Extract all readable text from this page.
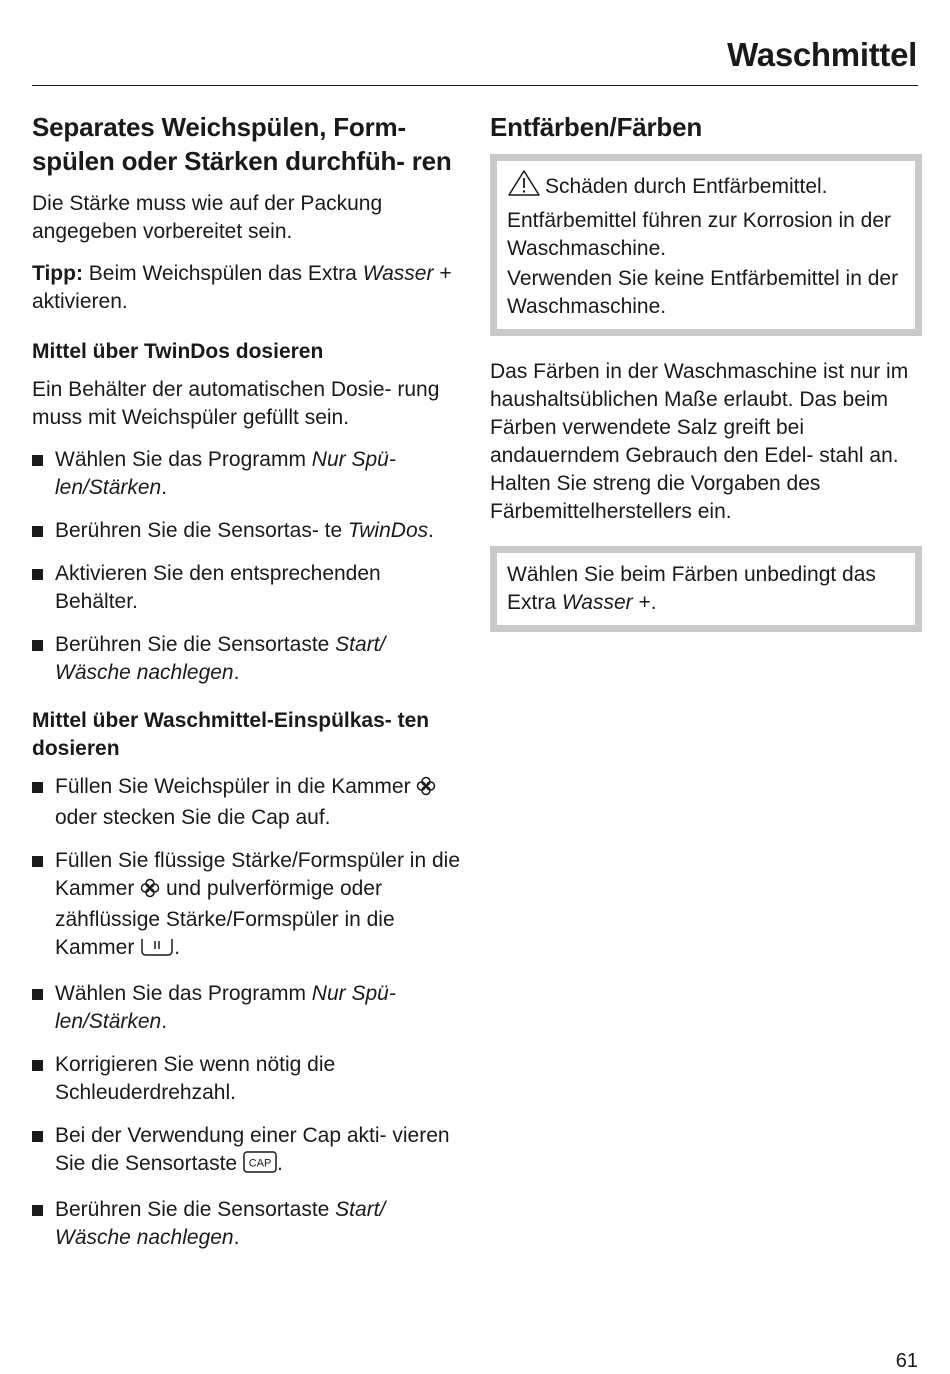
Waschmittel
Separates Weichspülen, Form- spülen oder Stärken durchfüh- ren

Die Stärke muss wie auf der Packung angegeben vorbereitet sein.

Tipp: Beim Weichspülen das Extra Wasser + aktivieren.

Mittel über TwinDos dosieren

Ein Behälter der automatischen Dosie- rung muss mit Weichspüler gefüllt sein.

Wählen Sie das Programm Nur Spü- len/Stärken.
Berühren Sie die Sensortas- te TwinDos.
Aktivieren Sie den entsprechenden Behälter.
Berühren Sie die Sensortaste Start/ Wäsche nachlegen.
Mittel über Waschmittel-Einspülkas- ten dosieren
Füllen Sie Weichspüler in die Kammer  oder stecken Sie die Cap auf.
Füllen Sie flüssige Stärke/Formspüler in die Kammer  und pulverförmige oder zähflüssige Stärke/Formspüler in die Kammer .
Wählen Sie das Programm Nur Spü- len/Stärken.
Korrigieren Sie wenn nötig die Schleuderdrehzahl.
Bei der Verwendung einer Cap akti- vieren Sie die Sensortaste CAP .
Berühren Sie die Sensortaste Start/ Wäsche nachlegen.
Entfärben/Färben

Schäden durch Entfärbemittel.

Entfärbemittel führen zur Korrosion in der Waschmaschine.

Verwenden Sie keine Entfärbemittel in der Waschmaschine.

Das Färben in der Waschmaschine ist nur im haushaltsüblichen Maße erlaubt. Das beim Färben verwendete Salz greift bei andauerndem Gebrauch den Edel- stahl an. Halten Sie streng die Vorgaben des Färbemittelherstellers ein.

Wählen Sie beim Färben unbedingt das Extra Wasser +.

61
